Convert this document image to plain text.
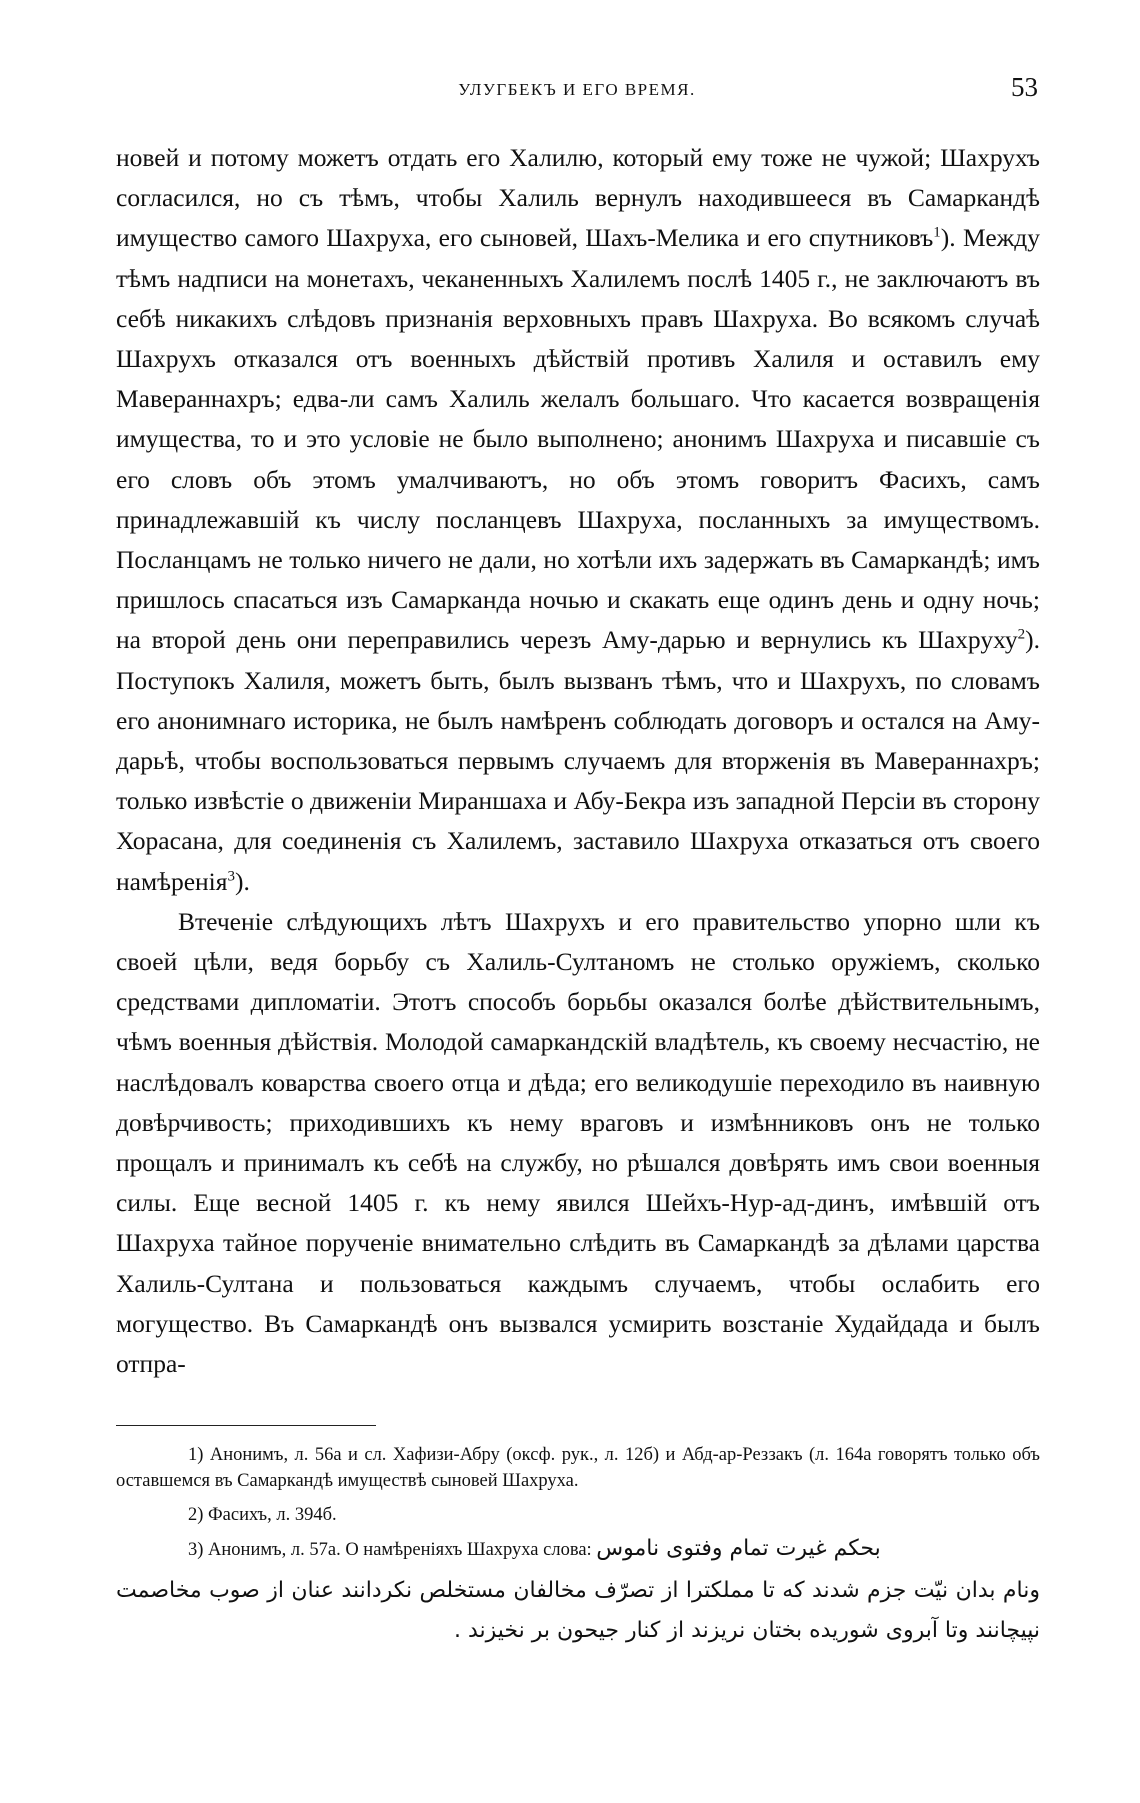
УЛУГБЕКЪ И ЕГО ВРЕМЯ.	53

новей и потому можетъ отдать его Халилю, который ему тоже не чужой; Шахрухъ согласился, но съ тѣмъ, чтобы Халиль вернулъ находившееся въ Самаркандѣ имущество самого Шахруха, его сыновей, Шахъ-Мелика и его спутниковъ$^1$). Между тѣмъ надписи на монетахъ, чеканенныхъ Халилемъ послѣ 1405 г., не заключаютъ въ себѣ никакихъ слѣдовъ признанія верховныхъ правъ Шахруха. Во всякомъ случаѣ Шахрухъ отказался отъ военныхъ дѣйствій противъ Халиля и оставилъ ему Мавераннахръ; едва-ли самъ Халиль желалъ большаго. Что касается возвращенія имущества, то и это условіе не было выполнено; анонимъ Шахруха и писавшіе съ его словъ объ этомъ умалчиваютъ, но объ этомъ говоритъ Фасихъ, самъ принадлежавшій къ числу посланцевъ Шахруха, посланныхъ за имуществомъ. Посланцамъ не только ничего не дали, но хотѣли ихъ задержать въ Самаркандѣ; имъ пришлось спасаться изъ Самарканда ночью и скакать еще одинъ день и одну ночь; на второй день они переправились черезъ Аму-дарью и вернулись къ Шахруху$^2$). Поступокъ Халиля, можетъ быть, былъ вызванъ тѣмъ, что и Шахрухъ, по словамъ его анонимнаго историка, не былъ намѣренъ соблюдать договоръ и остался на Аму-дарьѣ, чтобы воспользоваться первымъ случаемъ для вторженія въ Мавераннахръ; только извѣстіе о движеніи Мираншаха и Абу-Бекра изъ западной Персіи въ сторону Хорасана, для соединенія съ Халилемъ, заставило Шахруха отказаться отъ своего намѣренія$^3$).

Втеченіе слѣдующихъ лѣтъ Шахрухъ и его правительство упорно шли къ своей цѣли, ведя борьбу съ Халиль-Султаномъ не столько оружіемъ, сколько средствами дипломатіи. Этотъ способъ борьбы оказался болѣе дѣйствительнымъ, чѣмъ военныя дѣйствія. Молодой самаркандскій владѣтель, къ своему несчастію, не наслѣдовалъ коварства своего отца и дѣда; его великодушіе переходило въ наивную довѣрчивость; приходившихъ къ нему враговъ и измѣнниковъ онъ не только прощалъ и принималъ къ себѣ на службу, но рѣшался довѣрять имъ свои военныя силы. Еще весной 1405 г. къ нему явился Шейхъ-Нур-ад-динъ, имѣвшій отъ Шахруха тайное порученіе внимательно слѣдить въ Самаркандѣ за дѣлами царства Халиль-Султана и пользоваться каждымъ случаемъ, чтобы ослабить его могущество. Въ Самаркандѣ онъ вызвался усмирить возстаніе Худайдада и былъ отпра-

1) Анонимъ, л. 56а и сл. Хафизи-Абру (оксф. рук., л. 12б) и Абд-ар-Реззакъ (л. 164а говорятъ только объ оставшемся въ Самаркандѣ имуществѣ сыновей Шахруха.

2) Фасихъ, л. 394б.

3) Анонимъ, л. 57а. О намѣреніяхъ Шахруха слова: بحکم غیرت تمام وفتوی ناموس

ونام بدان نیّت جزم شدند که تا مملکترا از تصرّف مخالفان مستخلص نکردانند عنان از صوب مخاصمت نپیچانند وتا آبروی شوریده بختان نریزند از کنار جیحون بر نخیزند .
